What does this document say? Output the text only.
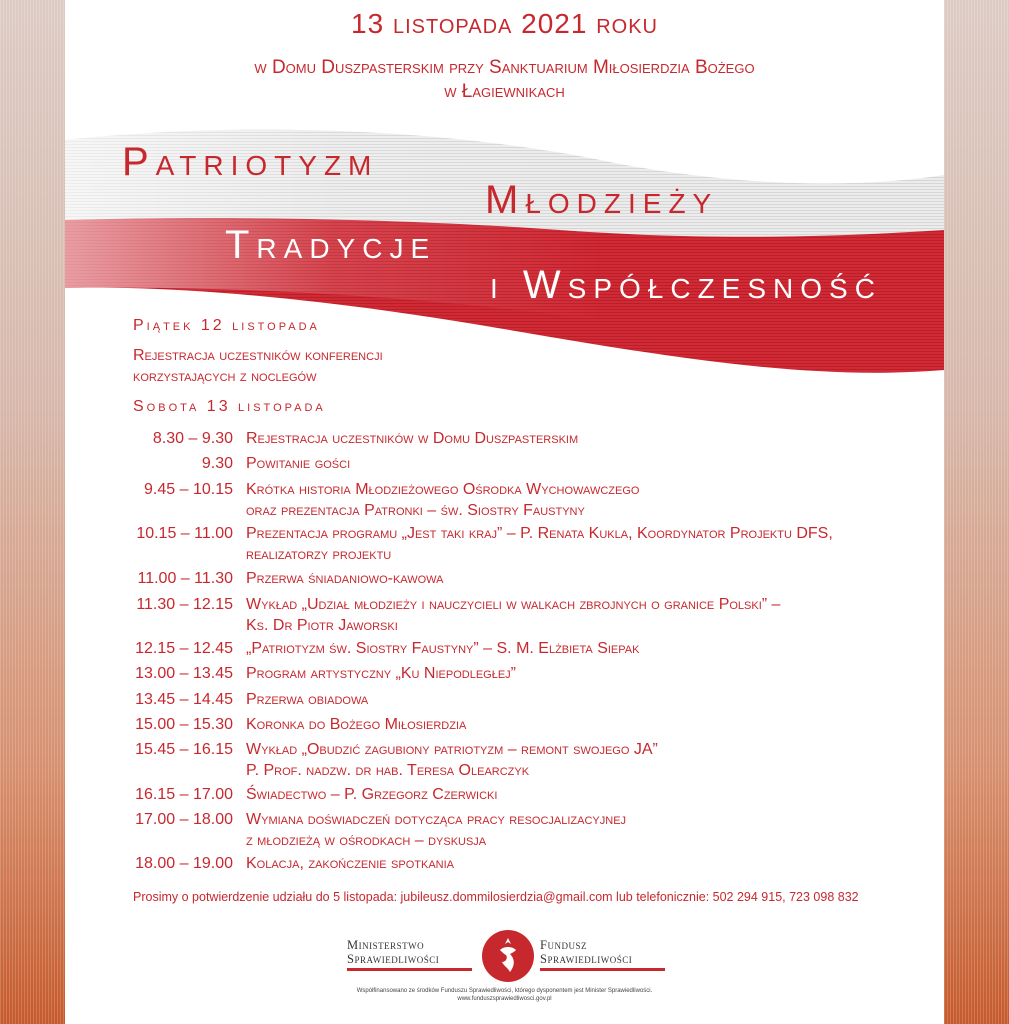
13 listopada 2021 roku
w Domu Duszpasterskim przy Sanktuarium Miłosierdzia Bożego
w Łagiewnikach
Patriotyzm
Młodzieży
Tradycje
i Współczesność
Piątek 12 listopada
Rejestracja uczestników konferencji
korzystających z noclegów
Sobota 13 listopada
8.30 – 9.30 Rejestracja uczestników w Domu Duszpasterskim
9.30 Powitanie gości
9.45 – 10.15 Krótka historia Młodzieżowego Ośrodka Wychowawczego
oraz prezentacja Patronki – św. Siostry Faustyny
10.15 – 11.00 Prezentacja programu „Jest taki kraj” – P. Renata Kukla, Koordynator Projektu DFS,
realizatorzy projektu
11.00 – 11.30 Przerwa śniadaniowo-kawowa
11.30 – 12.15 Wykład „Udział młodzieży i nauczycieli w walkach zbrojnych o granice Polski” –
Ks. Dr Piotr Jaworski
12.15 – 12.45 „Patriotyzm św. Siostry Faustyny” – S. M. Elżbieta Siepak
13.00 – 13.45 Program artystyczny „Ku Niepodległej”
13.45 – 14.45 Przerwa obiadowa
15.00 – 15.30 Koronka do Bożego Miłosierdzia
15.45 – 16.15 Wykład „Obudzić zagubiony patriotyzm – remont swojego JA”
P. Prof. nadzw. dr hab. Teresa Olearczyk
16.15 – 17.00 Świadectwo – P. Grzegorz Czerwicki
17.00 – 18.00 Wymiana doświadczeń dotycząca pracy resocjalizacyjnej
z młodzieżą w ośrodkach – dyskusja
18.00 – 19.00 Kolacja, zakończenie spotkania
Prosimy o potwierdzenie udziału do 5 listopada: jubileusz.dommilosierdzia@gmail.com lub telefonicznie: 502 294 915, 723 098 832
Ministerstwo
Sprawiedliwości
Fundusz
Sprawiedliwości
Współfinansowano ze środków Funduszu Sprawiedliwości, którego dysponentem jest Minister Sprawiedliwości.
www.funduszsprawiedliwosci.gov.pl
